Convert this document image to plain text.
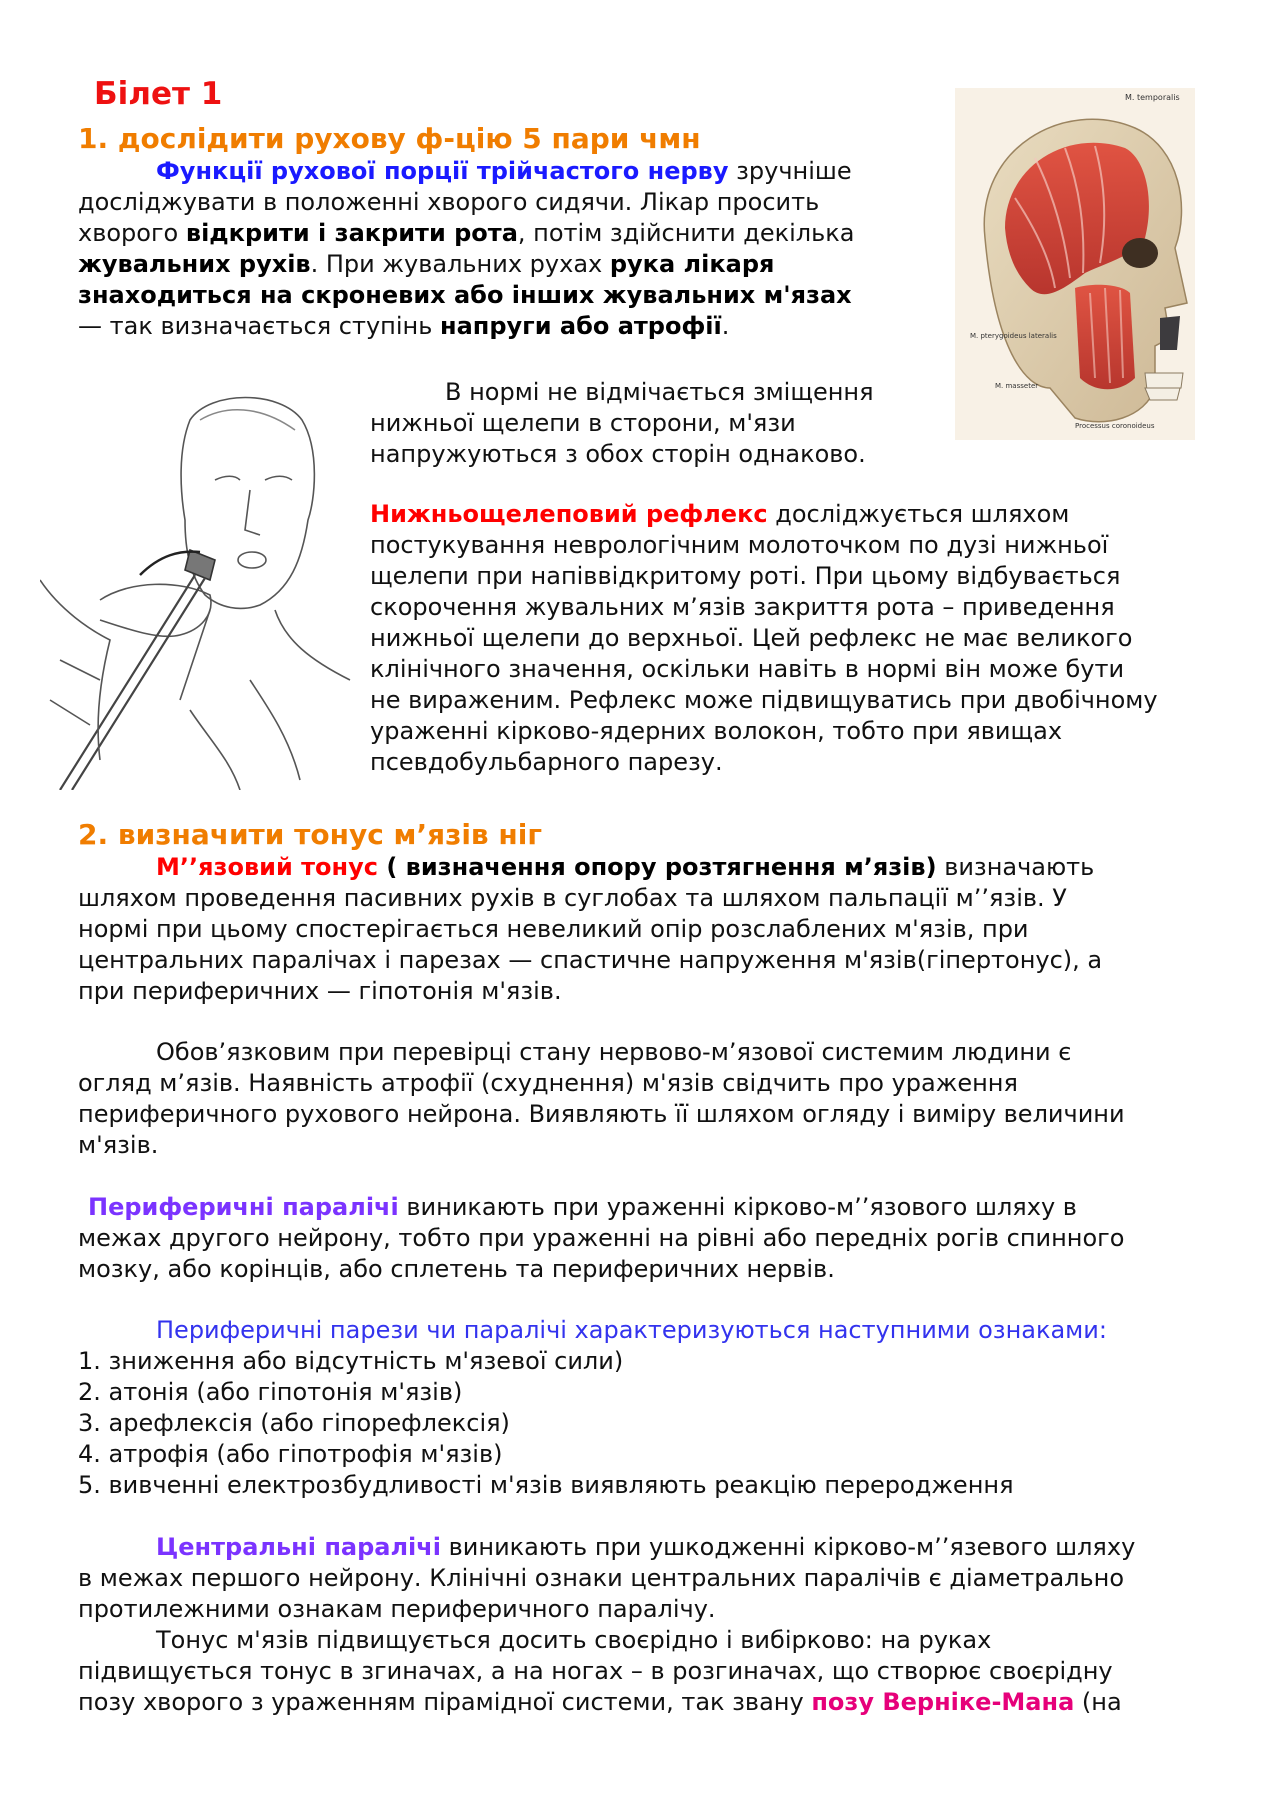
Білет 1
1. дослідити рухову ф-цію 5 пари чмн
Функції рухової порції трійчастого нерву зручніше
досліджувати в положенні хворого сидячи. Лікар просить
хворого відкрити і закрити рота, потім здійснити декілька
жувальних рухів. При жувальних рухах рука лікаря
знаходиться на скроневих або інших жувальних м'язах
— так визначається ступінь напруги або атрофії.
M. temporalis
M. pterygoideus lateralis
M. masseter
Processus coronoideus
В нормі не відмічається зміщення
нижньої щелепи в сторони, м'язи
напружуються з обох сторін однаково.
Нижньощелеповий рефлекс досліджується шляхом
постукування неврологічним молоточком по дузі нижньої
щелепи при напіввідкритому роті. При цьому відбувається
скорочення жувальних м’язів закриття рота – приведення
нижньої щелепи до верхньої. Цей рефлекс не має великого
клінічного значення, оскільки навіть в нормі він може бути
не вираженим. Рефлекс може підвищуватись при двобічному
ураженні кірково-ядерних волокон, тобто при явищах
псевдобульбарного парезу.
2. визначити тонус м’язів ніг
М’’язовий тонус ( визначення опору розтягнення м’язів) визначають
шляхом проведення пасивних рухів в суглобах та шляхом пальпації м’’язів. У
нормі при цьому спостерігається невеликий опір розслаблених м'язів, при
центральних паралічах і парезах — спастичне напруження м'язів(гіпертонус), а
при периферичних — гіпотонія м'язів.
Обов’язковим при перевірці стану нервово-м’язової системим людини є
огляд м’язів. Наявність атрофії (схуднення) м'язів свідчить про ураження
периферичного рухового нейрона. Виявляють її шляхом огляду і виміру величини
м'язів.
Периферичні паралічі виникають при ураженні кірково-м’’язового шляху в
межах другого нейрону, тобто при ураженні на рівні або передніх рогів спинного
мозку, або корінців, або сплетень та периферичних нервів.
Периферичні парези чи паралічі характеризуються наступними ознаками:
1. зниження або відсутність м'язевої сили)
2. атонія (або гіпотонія м'язів)
3. арефлексія (або гіпорефлексія)
4. атрофія (або гіпотрофія м'язів)
5. вивченні електрозбудливості м'язів виявляють реакцію переродження
Центральні паралічі виникають при ушкодженні кірково-м’’язевого шляху
в межах першого нейрону. Клінічні ознаки центральних паралічів є діаметрально
протилежними ознакам периферичного паралічу.
Тонус м'язів підвищується досить своєрідно і вибірково: на руках
підвищується тонус в згиначах, а на ногах – в розгиначах, що створює своєрідну
позу хворого з ураженням пірамідної системи, так звану позу Верніке-Мана (на
